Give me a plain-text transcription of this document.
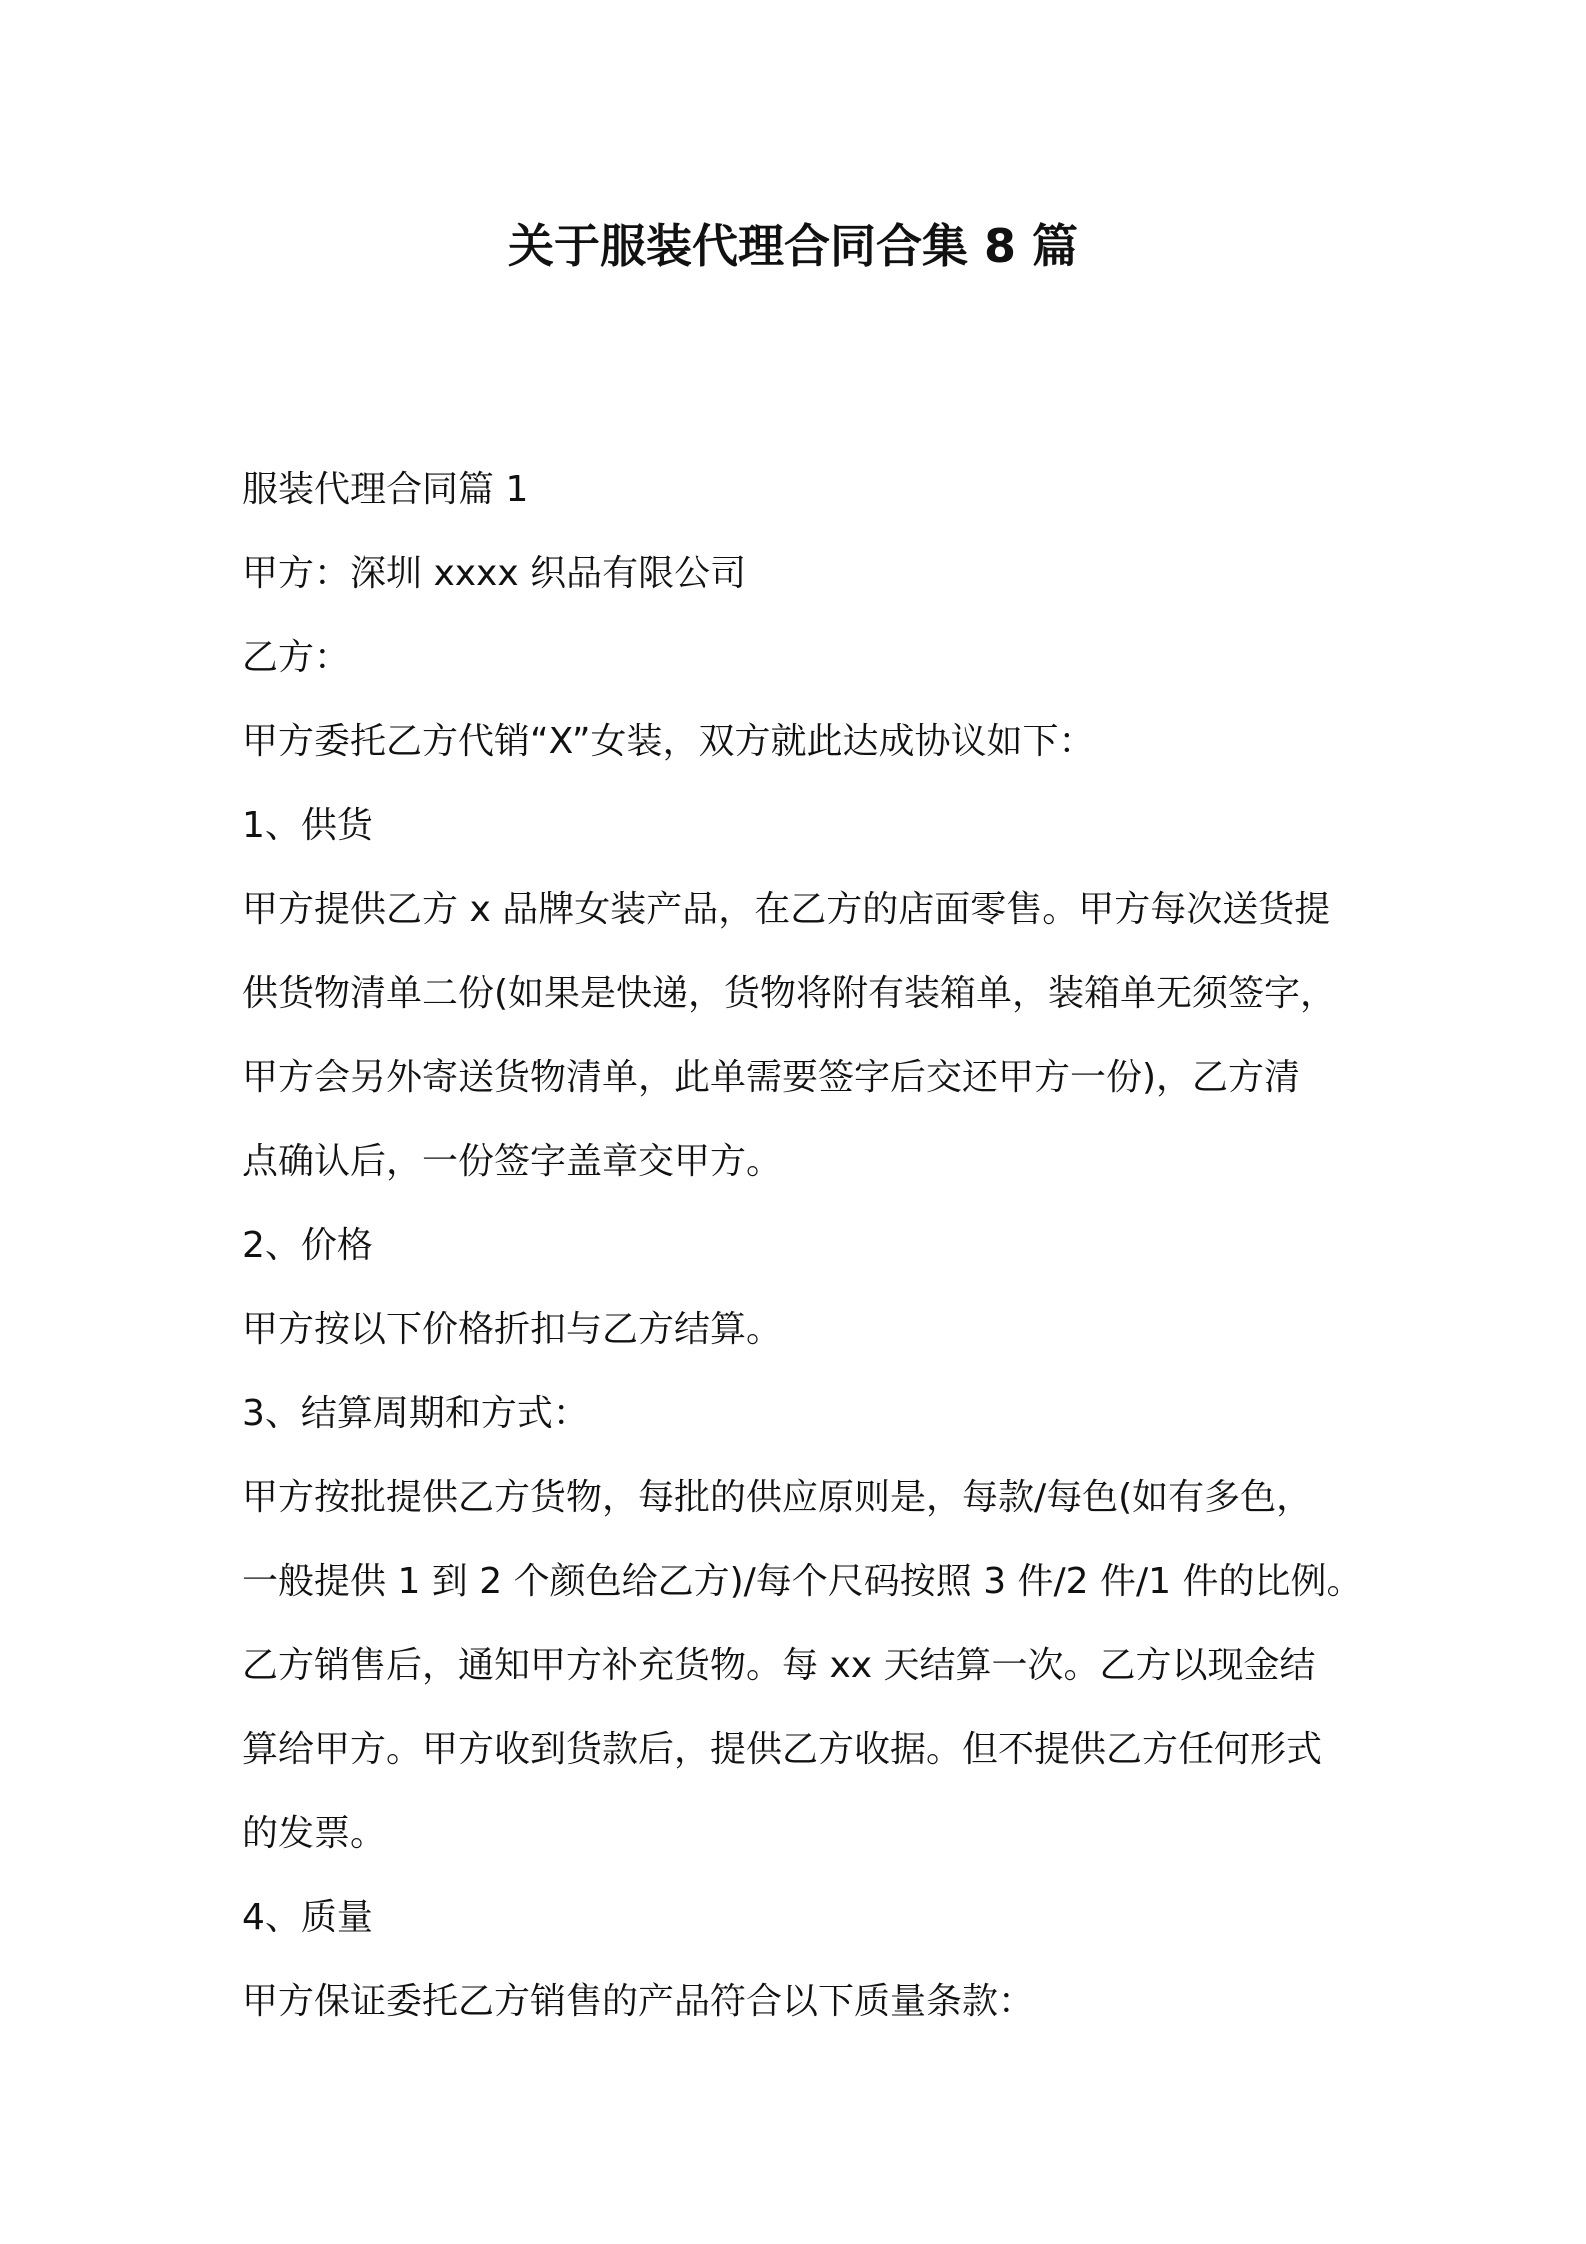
关于服装代理合同合集 8 篇
服装代理合同篇 1
甲方：深圳 xxxx 织品有限公司
乙方：
甲方委托乙方代销“X”女装，双方就此达成协议如下：
1、供货
甲方提供乙方 x 品牌女装产品，在乙方的店面零售。甲方每次送货提
供货物清单二份(如果是快递，货物将附有装箱单，装箱单无须签字，
甲方会另外寄送货物清单，此单需要签字后交还甲方一份)，乙方清
点确认后，一份签字盖章交甲方。
2、价格
甲方按以下价格折扣与乙方结算。
3、结算周期和方式：
甲方按批提供乙方货物，每批的供应原则是，每款/每色(如有多色，
一般提供 1 到 2 个颜色给乙方)/每个尺码按照 3 件/2 件/1 件的比例。
乙方销售后，通知甲方补充货物。每 xx 天结算一次。乙方以现金结
算给甲方。甲方收到货款后，提供乙方收据。但不提供乙方任何形式
的发票。
4、质量
甲方保证委托乙方销售的产品符合以下质量条款：
